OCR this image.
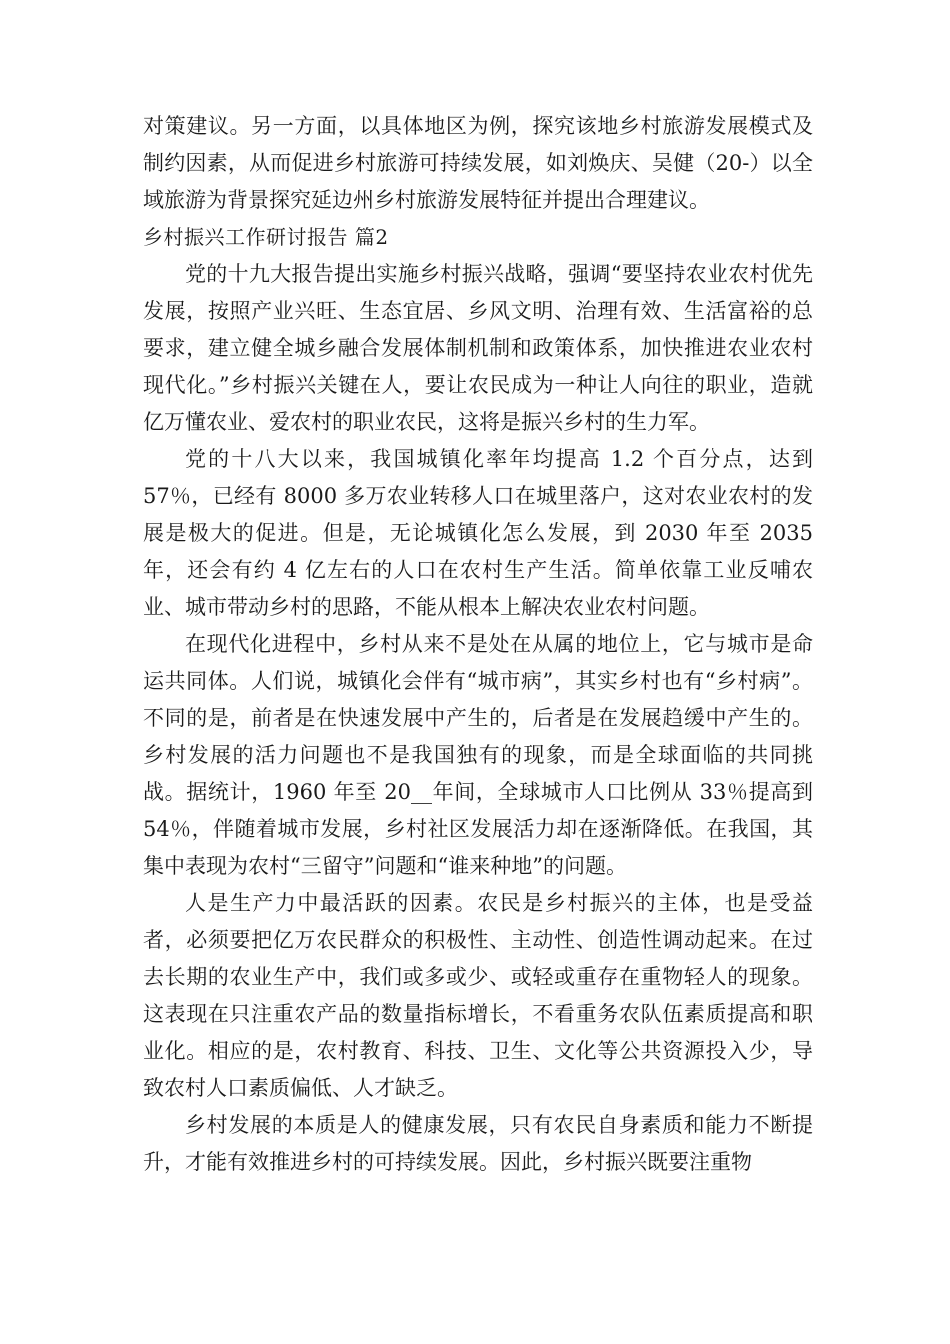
对策建议。另一方面，以具体地区为例，探究该地乡村旅游发展模式及制约因素，从而促进乡村旅游可持续发展，如刘焕庆、吴健（20-）以全域旅游为背景探究延边州乡村旅游发展特征并提出合理建议。

乡村振兴工作研讨报告 篇2

党的十九大报告提出实施乡村振兴战略，强调“要坚持农业农村优先发展，按照产业兴旺、生态宜居、乡风文明、治理有效、生活富裕的总要求，建立健全城乡融合发展体制机制和政策体系，加快推进农业农村现代化。”乡村振兴关键在人，要让农民成为一种让人向往的职业，造就亿万懂农业、爱农村的职业农民，这将是振兴乡村的生力军。

党的十八大以来，我国城镇化率年均提高 1.2 个百分点，达到 57％，已经有 8000 多万农业转移人口在城里落户，这对农业农村的发展是极大的促进。但是，无论城镇化怎么发展，到 2030 年至 2035 年，还会有约 4 亿左右的人口在农村生产生活。简单依靠工业反哺农业、城市带动乡村的思路，不能从根本上解决农业农村问题。

在现代化进程中，乡村从来不是处在从属的地位上，它与城市是命运共同体。人们说，城镇化会伴有“城市病”，其实乡村也有“乡村病”。不同的是，前者是在快速发展中产生的，后者是在发展趋缓中产生的。乡村发展的活力问题也不是我国独有的现象，而是全球面临的共同挑战。据统计，1960 年至 20__年间，全球城市人口比例从 33％提高到 54％，伴随着城市发展，乡村社区发展活力却在逐渐降低。在我国，其集中表现为农村“三留守”问题和“谁来种地”的问题。

人是生产力中最活跃的因素。农民是乡村振兴的主体，也是受益者，必须要把亿万农民群众的积极性、主动性、创造性调动起来。在过去长期的农业生产中，我们或多或少、或轻或重存在重物轻人的现象。这表现在只注重农产品的数量指标增长，不看重务农队伍素质提高和职业化。相应的是，农村教育、科技、卫生、文化等公共资源投入少，导致农村人口素质偏低、人才缺乏。

乡村发展的本质是人的健康发展，只有农民自身素质和能力不断提升，才能有效推进乡村的可持续发展。因此，乡村振兴既要注重物
